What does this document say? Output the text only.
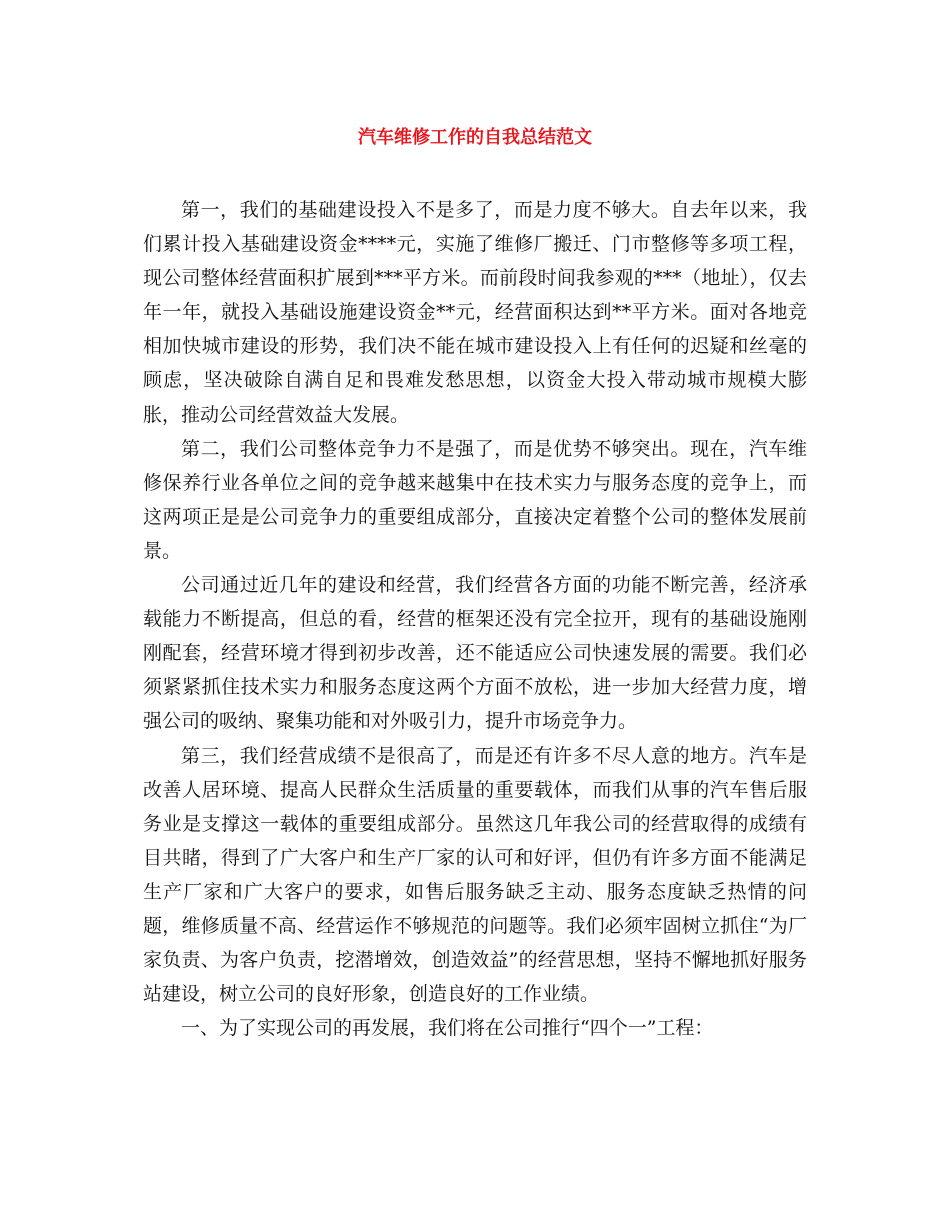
汽车维修工作的自我总结范文

第一，我们的基础建设投入不是多了，而是力度不够大。自去年以来，我们累计投入基础建设资金****元，实施了维修厂搬迁、门市整修等多项工程，现公司整体经营面积扩展到***平方米。而前段时间我参观的***（地址），仅去年一年，就投入基础设施建设资金**元，经营面积达到**平方米。面对各地竞相加快城市建设的形势，我们决不能在城市建设投入上有任何的迟疑和丝毫的顾虑，坚决破除自满自足和畏难发愁思想，以资金大投入带动城市规模大膨胀，推动公司经营效益大发展。

第二，我们公司整体竞争力不是强了，而是优势不够突出。现在，汽车维修保养行业各单位之间的竞争越来越集中在技术实力与服务态度的竞争上，而这两项正是是公司竞争力的重要组成部分，直接决定着整个公司的整体发展前景。

公司通过近几年的建设和经营，我们经营各方面的功能不断完善，经济承载能力不断提高，但总的看，经营的框架还没有完全拉开，现有的基础设施刚刚配套，经营环境才得到初步改善，还不能适应公司快速发展的需要。我们必须紧紧抓住技术实力和服务态度这两个方面不放松，进一步加大经营力度，增强公司的吸纳、聚集功能和对外吸引力，提升市场竞争力。

第三，我们经营成绩不是很高了，而是还有许多不尽人意的地方。汽车是改善人居环境、提高人民群众生活质量的重要载体，而我们从事的汽车售后服务业是支撑这一载体的重要组成部分。虽然这几年我公司的经营取得的成绩有目共睹，得到了广大客户和生产厂家的认可和好评，但仍有许多方面不能满足生产厂家和广大客户的要求，如售后服务缺乏主动、服务态度缺乏热情的问题，维修质量不高、经营运作不够规范的问题等。我们必须牢固树立抓住“为厂家负责、为客户负责，挖潜增效，创造效益”的经营思想，坚持不懈地抓好服务站建设，树立公司的良好形象，创造良好的工作业绩。

一、为了实现公司的再发展，我们将在公司推行“四个一”工程：
